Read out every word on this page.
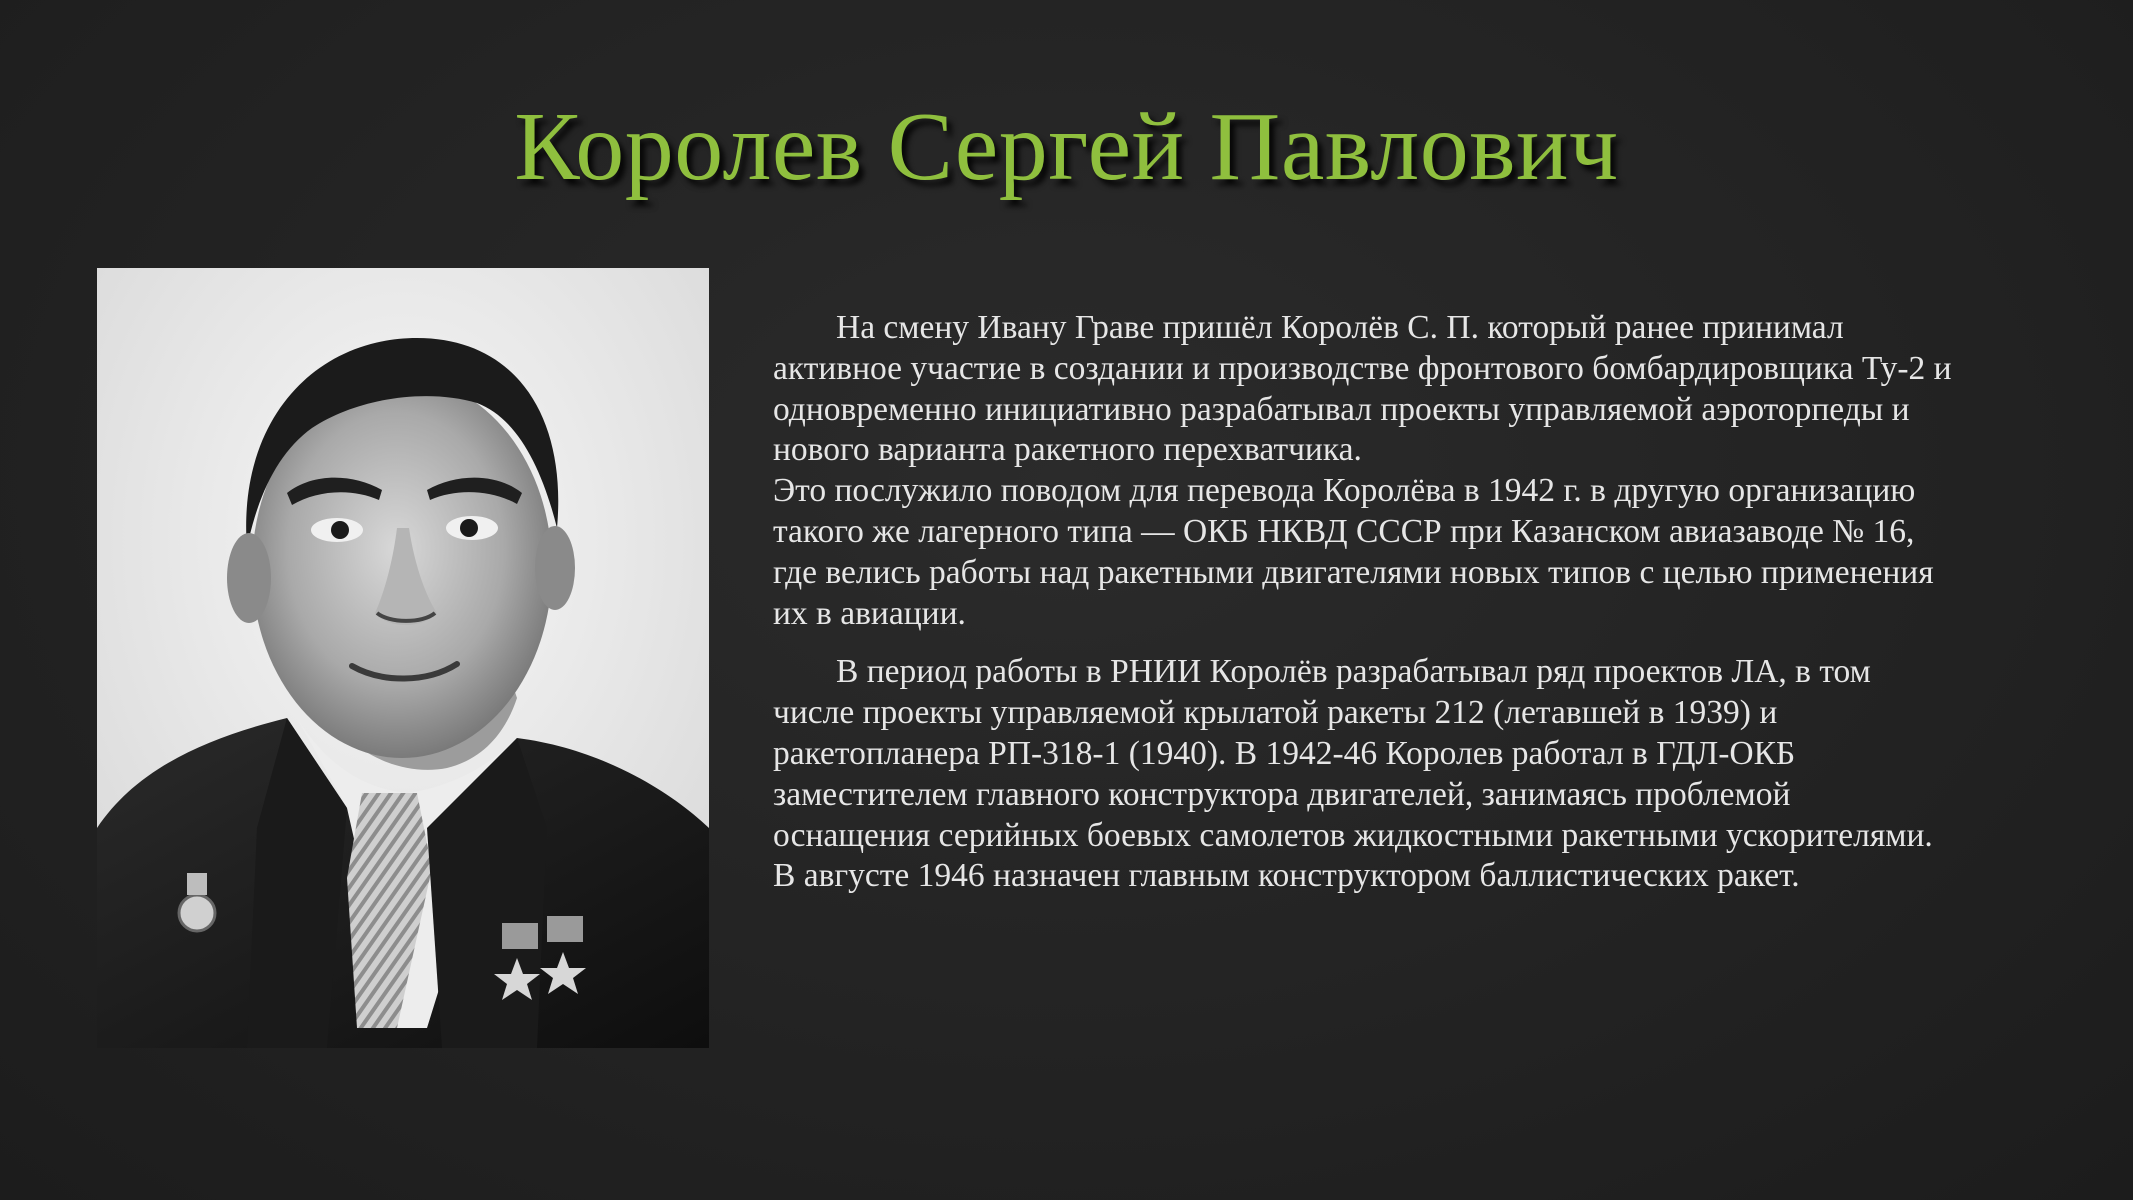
Королев Сергей Павлович

На смену Ивану Граве пришёл Королёв С. П. который ранее принимал активное участие в создании и производстве фронтового бомбардировщика Ту-2 и одновременно инициативно разрабатывал проекты управляемой аэроторпеды и нового варианта ракетного перехватчика.

Это послужило поводом для перевода Королёва в 1942 г. в другую организацию такого же лагерного типа — ОКБ НКВД СССР при Казанском авиазаводе № 16, где велись работы над ракетными двигателями новых типов с целью применения их в авиации.

В период работы в РНИИ Королёв разрабатывал ряд проектов ЛА, в том числе проекты управляемой крылатой ракеты 212 (летавшей в 1939) и ракетопланера РП-318-1 (1940). В 1942-46 Королев работал в ГДЛ-ОКБ заместителем главного конструктора двигателей, занимаясь проблемой оснащения серийных боевых самолетов жидкостными ракетными ускорителями. В августе 1946 назначен главным конструктором баллистических ракет.
